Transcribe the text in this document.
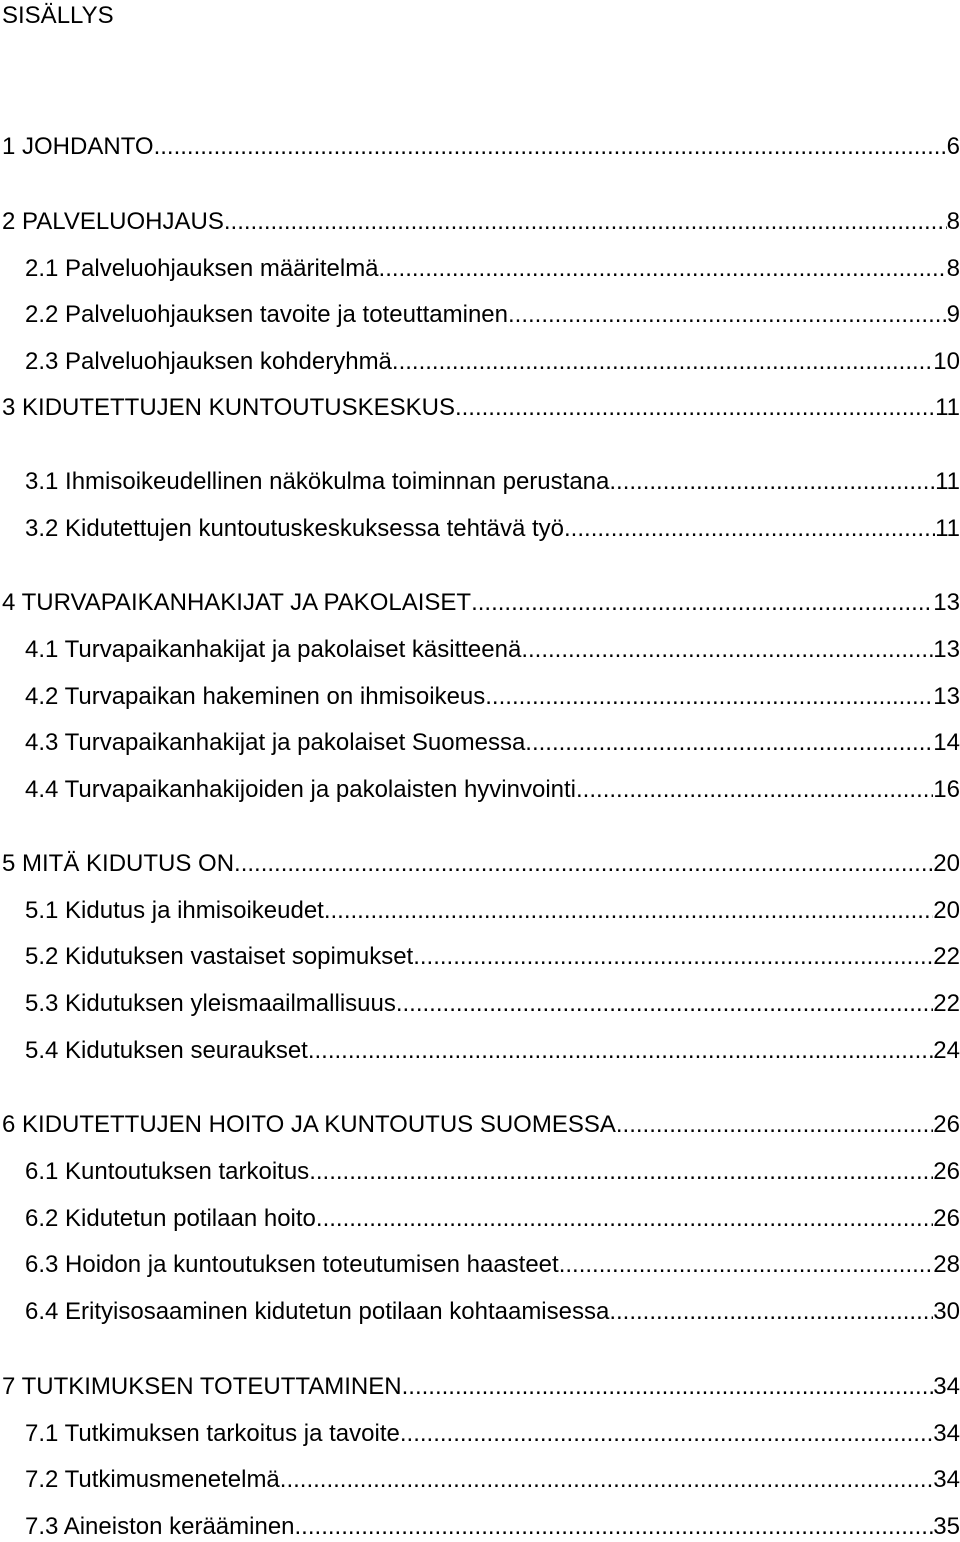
SISÄLLYS
1 JOHDANTO .....	6
2 PALVELUOHJAUS .....	8
2.1 Palveluohjauksen määritelmä .....	8
2.2 Palveluohjauksen tavoite ja toteuttaminen .....	9
2.3 Palveluohjauksen kohderyhmä .....	10
3 KIDUTETTUJEN KUNTOUTUSKESKUS .....	11
3.1 Ihmisoikeudellinen näkökulma toiminnan perustana .....	11
3.2 Kidutettujen kuntoutuskeskuksessa tehtävä työ .....	11
4 TURVAPAIKANHAKIJAT JA PAKOLAISET .....	13
4.1 Turvapaikanhakijat ja pakolaiset käsitteenä .....	13
4.2 Turvapaikan hakeminen on ihmisoikeus .....	13
4.3 Turvapaikanhakijat ja pakolaiset Suomessa .....	14
4.4 Turvapaikanhakijoiden ja pakolaisten hyvinvointi .....	16
5 MITÄ KIDUTUS ON .....	20
5.1 Kidutus ja ihmisoikeudet .....	20
5.2 Kidutuksen vastaiset sopimukset .....	22
5.3 Kidutuksen yleismaailmallisuus .....	22
5.4 Kidutuksen seuraukset .....	24
6 KIDUTETTUJEN HOITO JA KUNTOUTUS SUOMESSA .....	26
6.1 Kuntoutuksen tarkoitus .....	26
6.2 Kidutetun potilaan hoito .....	26
6.3 Hoidon ja kuntoutuksen toteutumisen haasteet .....	28
6.4 Erityisosaaminen kidutetun potilaan kohtaamisessa .....	30
7 TUTKIMUKSEN TOTEUTTAMINEN .....	34
7.1 Tutkimuksen tarkoitus ja tavoite .....	34
7.2 Tutkimusmenetelmä .....	34
7.3 Aineiston kerääminen .....	35
